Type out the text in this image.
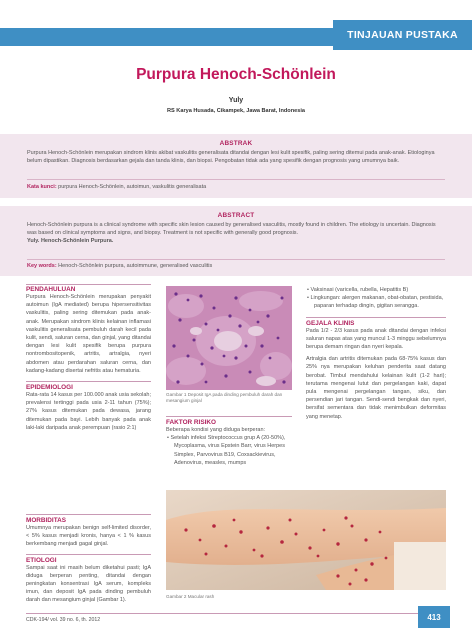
TINJAUAN PUSTAKA
Purpura Henoch-Schönlein
Yuly
RS Karya Husada, Cikampek, Jawa Barat, Indonesia
ABSTRAK

Purpura Henoch-Schönlein merupakan sindrom klinis akibat vaskulitis generalisata ditandai dengan lesi kulit spesifik, paling sering ditemui pada anak-anak. Etiologinya belum dipastikan. Diagnosis berdasarkan gejala dan tanda klinis, dan biopsi. Pengobatan tidak ada yang spesifik dengan prognosis yang umumnya baik.

Kata kunci: purpura Henoch-Schönlein, autoimun, vaskulitis generalisata
ABSTRACT

Henoch-Schönlein purpura is a clinical syndrome with specific skin lesion caused by generalised vasculitis, mostly found in children. The etiology is uncertain. Diagnosis was based on clinical symptoms and signs, and biopsy. Treatment is not specific with generally good prognosis.
Yuly. Henoch-Schönlein Purpura.

Key words: Henoch-Schönlein purpura, autoimmune, generalised vasculitis

PENDAHULUAN

Purpura Henoch-Schönlein merupakan penyakit autoimun (IgA mediated) berupa hipersensitivitas vaskulitis, paling sering ditemukan pada anak-anak. Merupakan sindrom klinis kelainan inflamasi vaskulitis generalisata pembuluh darah kecil pada kulit, sendi, saluran cerna, dan ginjal, yang ditandai dengan lesi kulit spesifik berupa purpura nontrombositopenik, artritis, artralgia, nyeri abdomen atau perdarahan saluran cerna, dan kadang-kadang disertai nefritis atau hematuria.

EPIDEMIOLOGI

Rata-rata 14 kasus per 100.000 anak usia sekolah; prevalensi tertinggi pada usia 2-11 tahun (75%); 27% kasus ditemukan pada dewasa, jarang ditemukan pada bayi. Lebih banyak pada anak laki-laki daripada anak perempuan (rasio 2:1)

MORBIDITAS

Umumnya merupakan benign self-limited disorder, < 5% kasus menjadi kronis, hanya < 1 % kasus berkembang menjadi gagal ginjal.

ETIOLOGI

Sampai saat ini masih belum diketahui pasti; IgA diduga berperan penting, ditandai dengan peningkatan konsentrasi IgA serum, kompleks imun, dan deposit IgA pada dinding pembuluh darah dan mesangium ginjal (Gambar 1).

Gambar 1 Deposit IgA pada dinding pembuluh darah dan mesangium ginjal

FAKTOR RISIKO

Beberapa kondisi yang diduga berperan:

• Setelah infeksi Streptococcus grup A (20-50%), Mycoplasma, virus Epstein Barr, virus Herpes Simplex, Parvovirus B19, Coxsackievirus, Adenovirus, measles, mumps
• Vaksinasi (varicella, rubella, Hepatitis B)
• Lingkungan: alergen makanan, obat-obatan, pestisida, paparan terhadap dingin, gigitan serangga.

GEJALA KLINIS

Pada 1/2 - 2/3 kasus pada anak ditandai dengan infeksi saluran napas atas yang muncul 1-3 minggu sebelumnya berupa demam ringan dan nyeri kepala.

Artralgia dan artritis ditemukan pada 68-75% kasus dan 25% nya merupakan keluhan penderita saat datang berobat. Timbul mendahului kelainan kulit (1-2 hari); terutama mengenai lutut dan pergelangan kaki, dapat pula mengenai pergelangan tangan, siku, dan persendian jari tangan. Sendi-sendi bengkak dan nyeri, bersifat sementara dan tidak menimbulkan deformitas yang menetap.

Gambar 2 Macular rash
CDK-194/ vol. 39 no. 6, th. 2012	413
